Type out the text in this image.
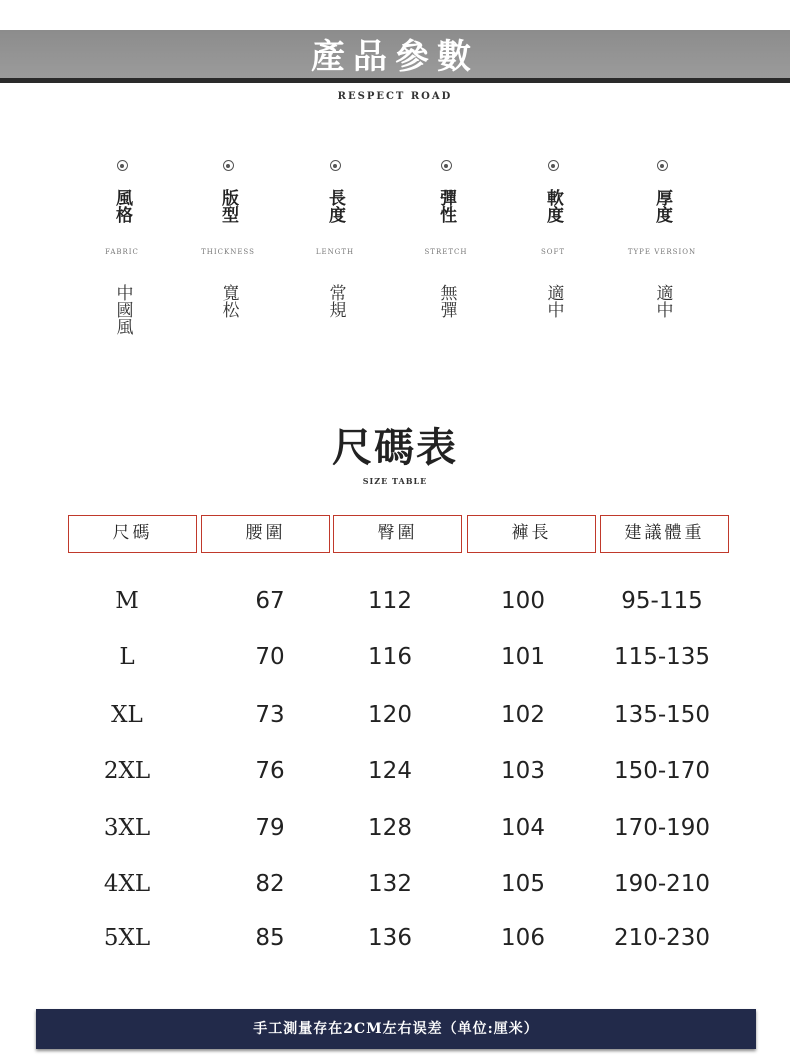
產品參數
RESPECT ROAD
風格
FABRIC
中國風
版型
THICKNESS
寬松
長度
LENGTH
常規
彈性
STRETCH
無彈
軟度
SOFT
適中
厚度
TYPE VERSION
適中
尺碼表
SIZE TABLE
尺碼	腰圍	臀圍	褲長	建議體重
M	67	112	100	95-115
L	70	116	101	115-135
XL	73	120	102	135-150
2XL	76	124	103	150-170
3XL	79	128	104	170-190
4XL	82	132	105	190-210
5XL	85	136	106	210-230
手工測量存在2CM左右误差（单位:厘米）
